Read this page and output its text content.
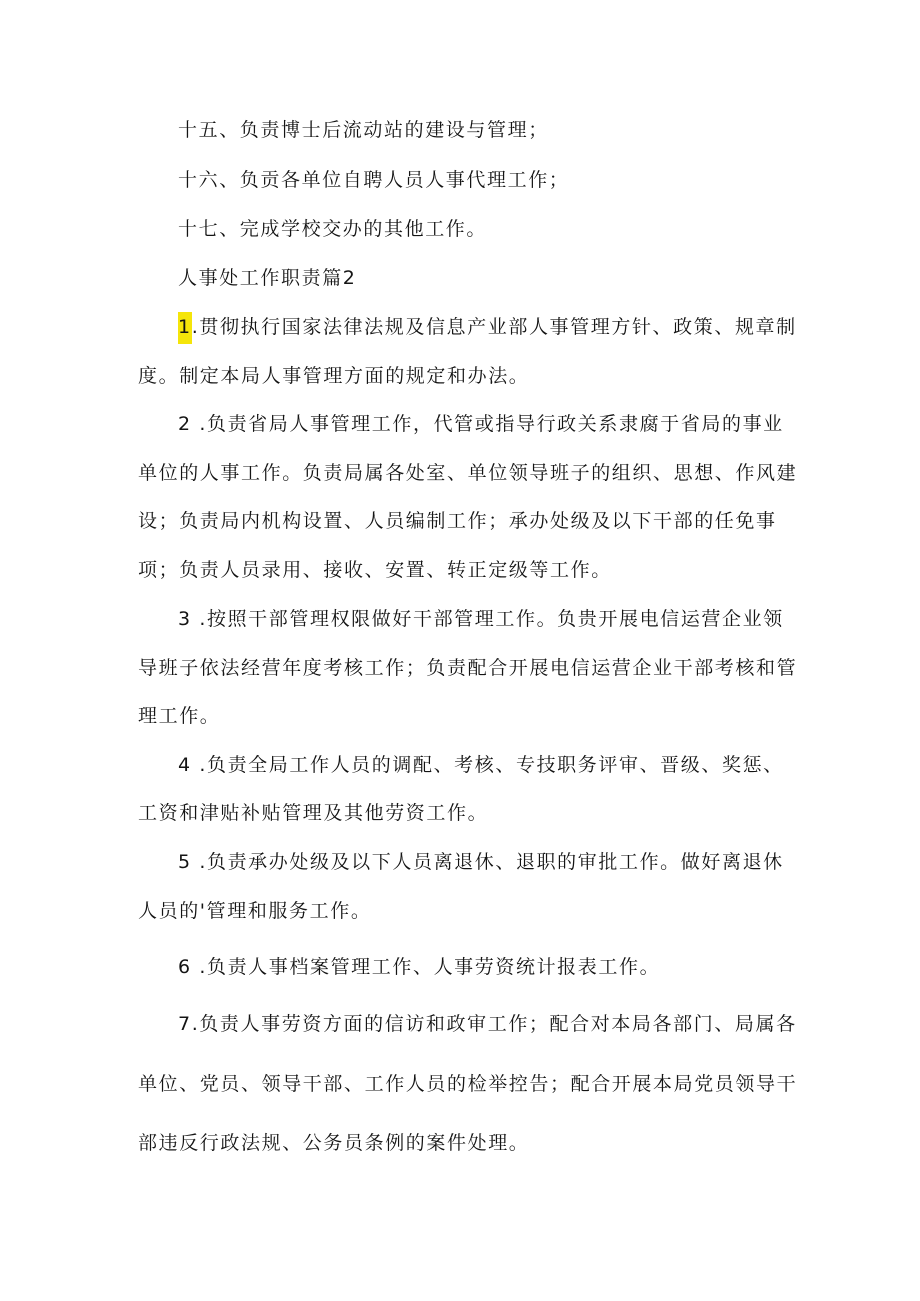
十五、负责博士后流动站的建设与管理；

十六、负贡各单位自聘人员人事代理工作；

十七、完成学校交办的其他工作。

人事处工作职责篇2

1.贯彻执行国家法律法规及信息产业部人事管理方针、政策、规章制

度。制定本局人事管理方面的规定和办法。

2 .负责省局人事管理工作，代管或指导行政关系隶腐于省局的事业

单位的人事工作。负责局属各处室、单位领导班子的组织、思想、作风建

设；负责局内机构设置、人员编制工作；承办处级及以下干部的任免事

项；负责人员录用、接收、安置、转正定级等工作。

3 .按照干部管理权限做好干部管理工作。负贵开展电信运营企业领

导班子依法经营年度考核工作；负责配合开展电信运营企业干部考核和管

理工作。

4 .负责全局工作人员的调配、考核、专技职务评审、晋级、奖惩、

工资和津贴补贴管理及其他劳资工作。

5 .负责承办处级及以下人员离退休、退职的审批工作。做好离退休

人员的'管理和服务工作。

6 .负责人事档案管理工作、人事劳资统计报表工作。

7.负责人事劳资方面的信访和政审工作；配合对本局各部门、局属各

单位、党员、领导干部、工作人员的检举控告；配合开展本局党员领导干

部违反行政法规、公务员条例的案件处理。
